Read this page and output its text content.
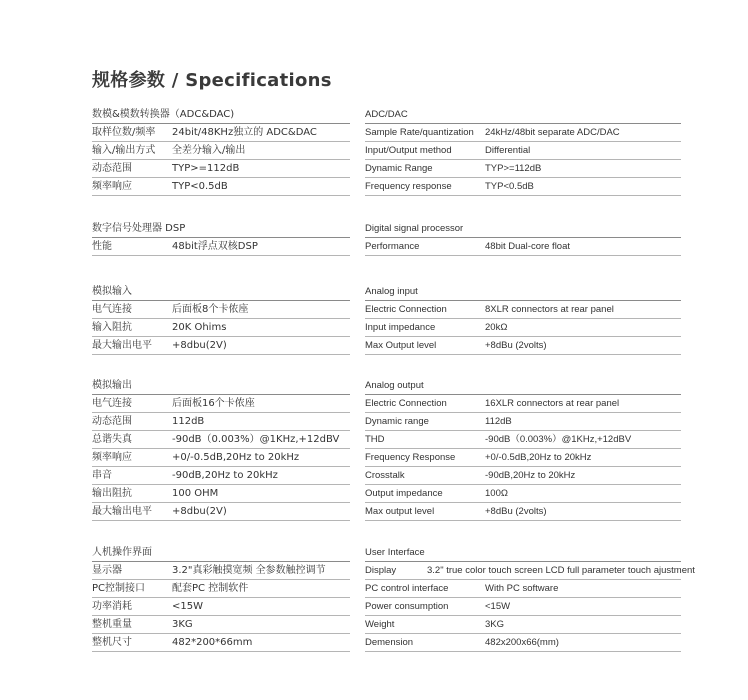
规格参数 / Specifications
数模&模数转换器（ADC&DAC)
取样位数/频率 24bit/48KHz独立的 ADC&DAC
输入/输出方式 全差分输入/输出
动态范围	TYP>=112dB
频率响应	TYP<0.5dB
数字信号处理器 DSP
性能	48bit浮点双核DSP
模拟输入
电气连接	后面板8个卡侬座
输入阻抗	20K Ohims
最大输出电平 +8dbu(2V)
模拟输出
电气连接	后面板16个卡侬座
动态范围	112dB
总谐失真	-90dB（0.003%）@1KHz,+12dBV
频率响应	+0/-0.5dB,20Hz to 20kHz
串音	-90dB,20Hz to 20kHz
输出阻抗	100 OHM
最大输出电平 +8dbu(2V)
人机操作界面
显示器	3.2"真彩触摸宽频 全参数触控调节
PC控制接口	配套PC 控制软件
功率消耗	<15W
整机重量	3KG
整机尺寸	482*200*66mm
ADC/DAC
Sample Rate/quantization 24kHz/48bit separate ADC/DAC
Input/Output method	Differential
Dynamic Range	TYP>=112dB
Frequency response	TYP<0.5dB
Digital signal processor
Performance	48bit Dual-core float
Analog input
Electric Connection	8XLR connectors at rear panel
Input impedance	20kΩ
Max Output level	+8dBu (2volts)
Analog output
Electric Connection	16XLR connectors at rear panel
Dynamic range	112dB
THD	-90dB（0.003%）@1KHz,+12dBV
Frequency Response	+0/-0.5dB,20Hz to 20kHz
Crosstalk	-90dB,20Hz to 20kHz
Output impedance	100Ω
Max output level	+8dBu (2volts)
User Interface
Display	3.2" true color touch screen LCD full parameter touch ajustment
PC control interface	With PC software
Power consumption	<15W
Weight	3KG
Demension	482x200x66(mm)
